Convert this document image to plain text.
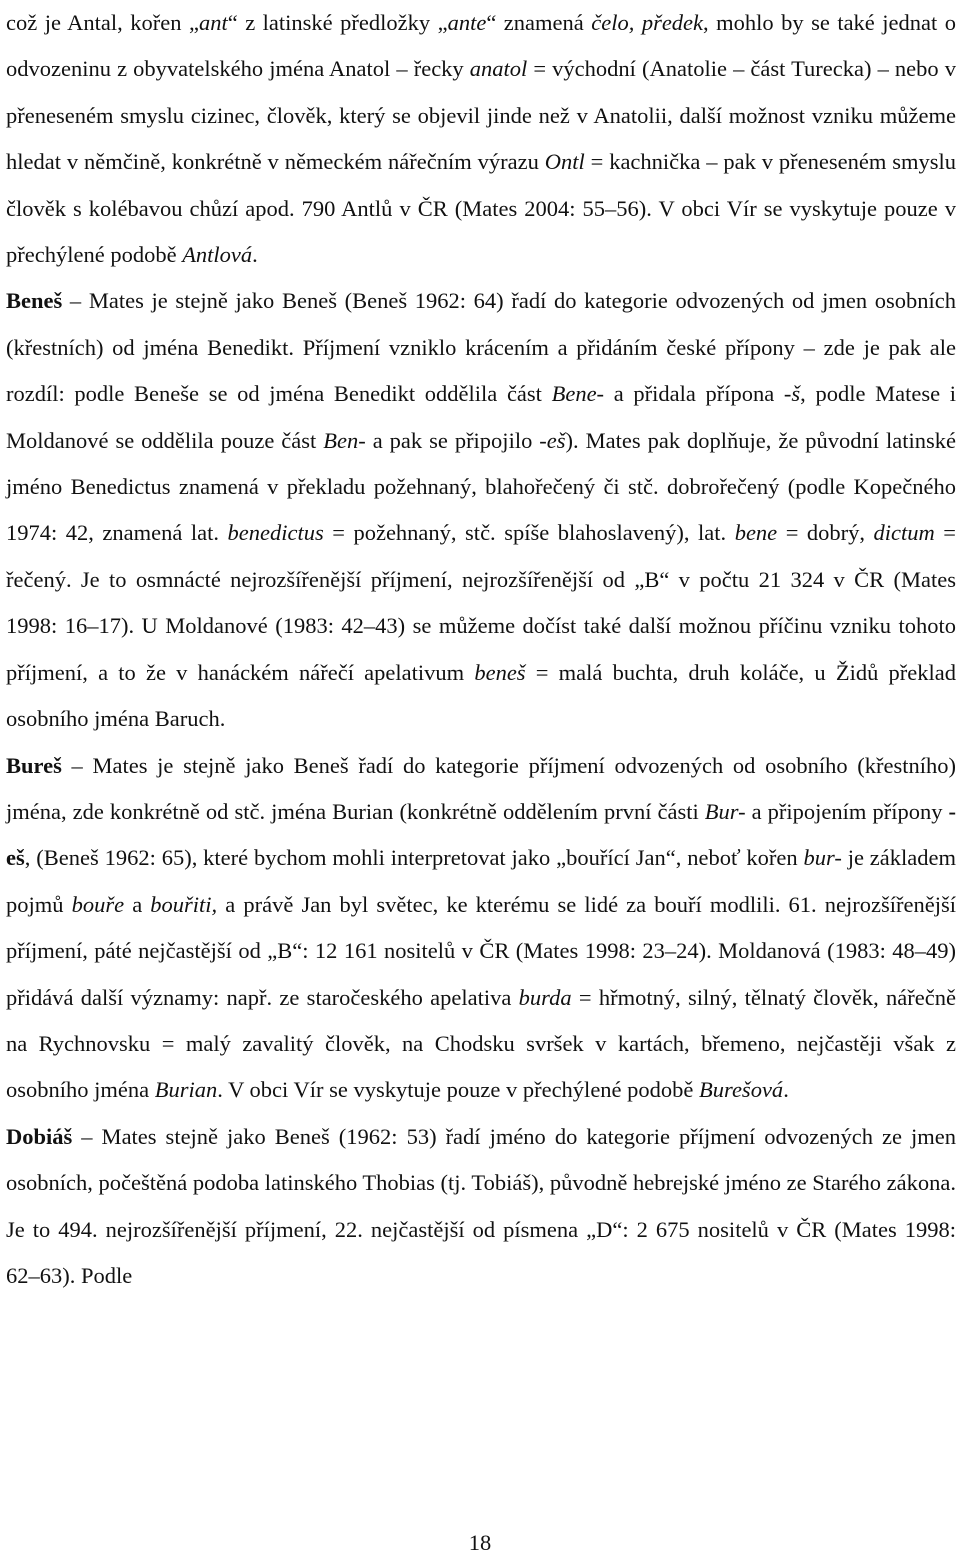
což je Antal, kořen „ant“ z latinské předložky „ante“ znamená čelo, předek, mohlo by se také jednat o odvozeninu z obyvatelského jména Anatol – řecky anatol = východní (Anatolie – část Turecka) – nebo v přeneseném smyslu cizinec, člověk, který se objevil jinde než v Anatolii, další možnost vzniku můžeme hledat v němčině, konkrétně v německém nářečním výrazu Ontl = kachnička – pak v přeneseném smyslu člověk s kolébavou chůzí apod. 790 Antlů v ČR (Mates 2004: 55–56). V obci Vír se vyskytuje pouze v přechýlené podobě Antlová.

Beneš – Mates je stejně jako Beneš (Beneš 1962: 64) řadí do kategorie odvozených od jmen osobních (křestních) od jména Benedikt. Příjmení vzniklo krácením a přidáním české přípony – zde je pak ale rozdíl: podle Beneše se od jména Benedikt oddělila část Bene- a přidala přípona -š, podle Matese i Moldanové se oddělila pouze část Ben- a pak se připojilo -eš). Mates pak doplňuje, že původní latinské jméno Benedictus znamená v překladu požehnaný, blahořečený či stč. dobrořečený (podle Kopečného 1974: 42, znamená lat. benedictus = požehnaný, stč. spíše blahoslavený), lat. bene = dobrý, dictum = řečený. Je to osmnácté nejrozšířenější příjmení, nejrozšířenější od „B“ v počtu 21 324 v ČR (Mates 1998: 16–17). U Moldanové (1983: 42–43) se můžeme dočíst také další možnou příčinu vzniku tohoto příjmení, a to že v hanáckém nářečí apelativum beneš = malá buchta, druh koláče, u Židů překlad osobního jména Baruch.

Bureš – Mates je stejně jako Beneš řadí do kategorie příjmení odvozených od osobního (křestního) jména, zde konkrétně od stč. jména Burian (konkrétně oddělením první části Bur- a připojením přípony -eš, (Beneš 1962: 65), které bychom mohli interpretovat jako „bouřící Jan“, neboť kořen bur- je základem pojmů bouře a bouřiti, a právě Jan byl světec, ke kterému se lidé za bouří modlili. 61. nejrozšířenější příjmení, páté nejčastější od „B“: 12 161 nositelů v ČR (Mates 1998: 23–24). Moldanová (1983: 48–49) přidává další významy: např. ze staročeského apelativa burda = hřmotný, silný, tělnatý člověk, nářečně na Rychnovsku = malý zavalitý člověk, na Chodsku svršek v kartách, břemeno, nejčastěji však z osobního jména Burian. V obci Vír se vyskytuje pouze v přechýlené podobě Burešová.

Dobiáš – Mates stejně jako Beneš (1962: 53) řadí jméno do kategorie příjmení odvozených ze jmen osobních, počeštěná podoba latinského Thobias (tj. Tobiáš), původně hebrejské jméno ze Starého zákona. Je to 494. nejrozšířenější příjmení, 22. nejčastější od písmena „D“: 2 675 nositelů v ČR (Mates 1998: 62–63). Podle

18
